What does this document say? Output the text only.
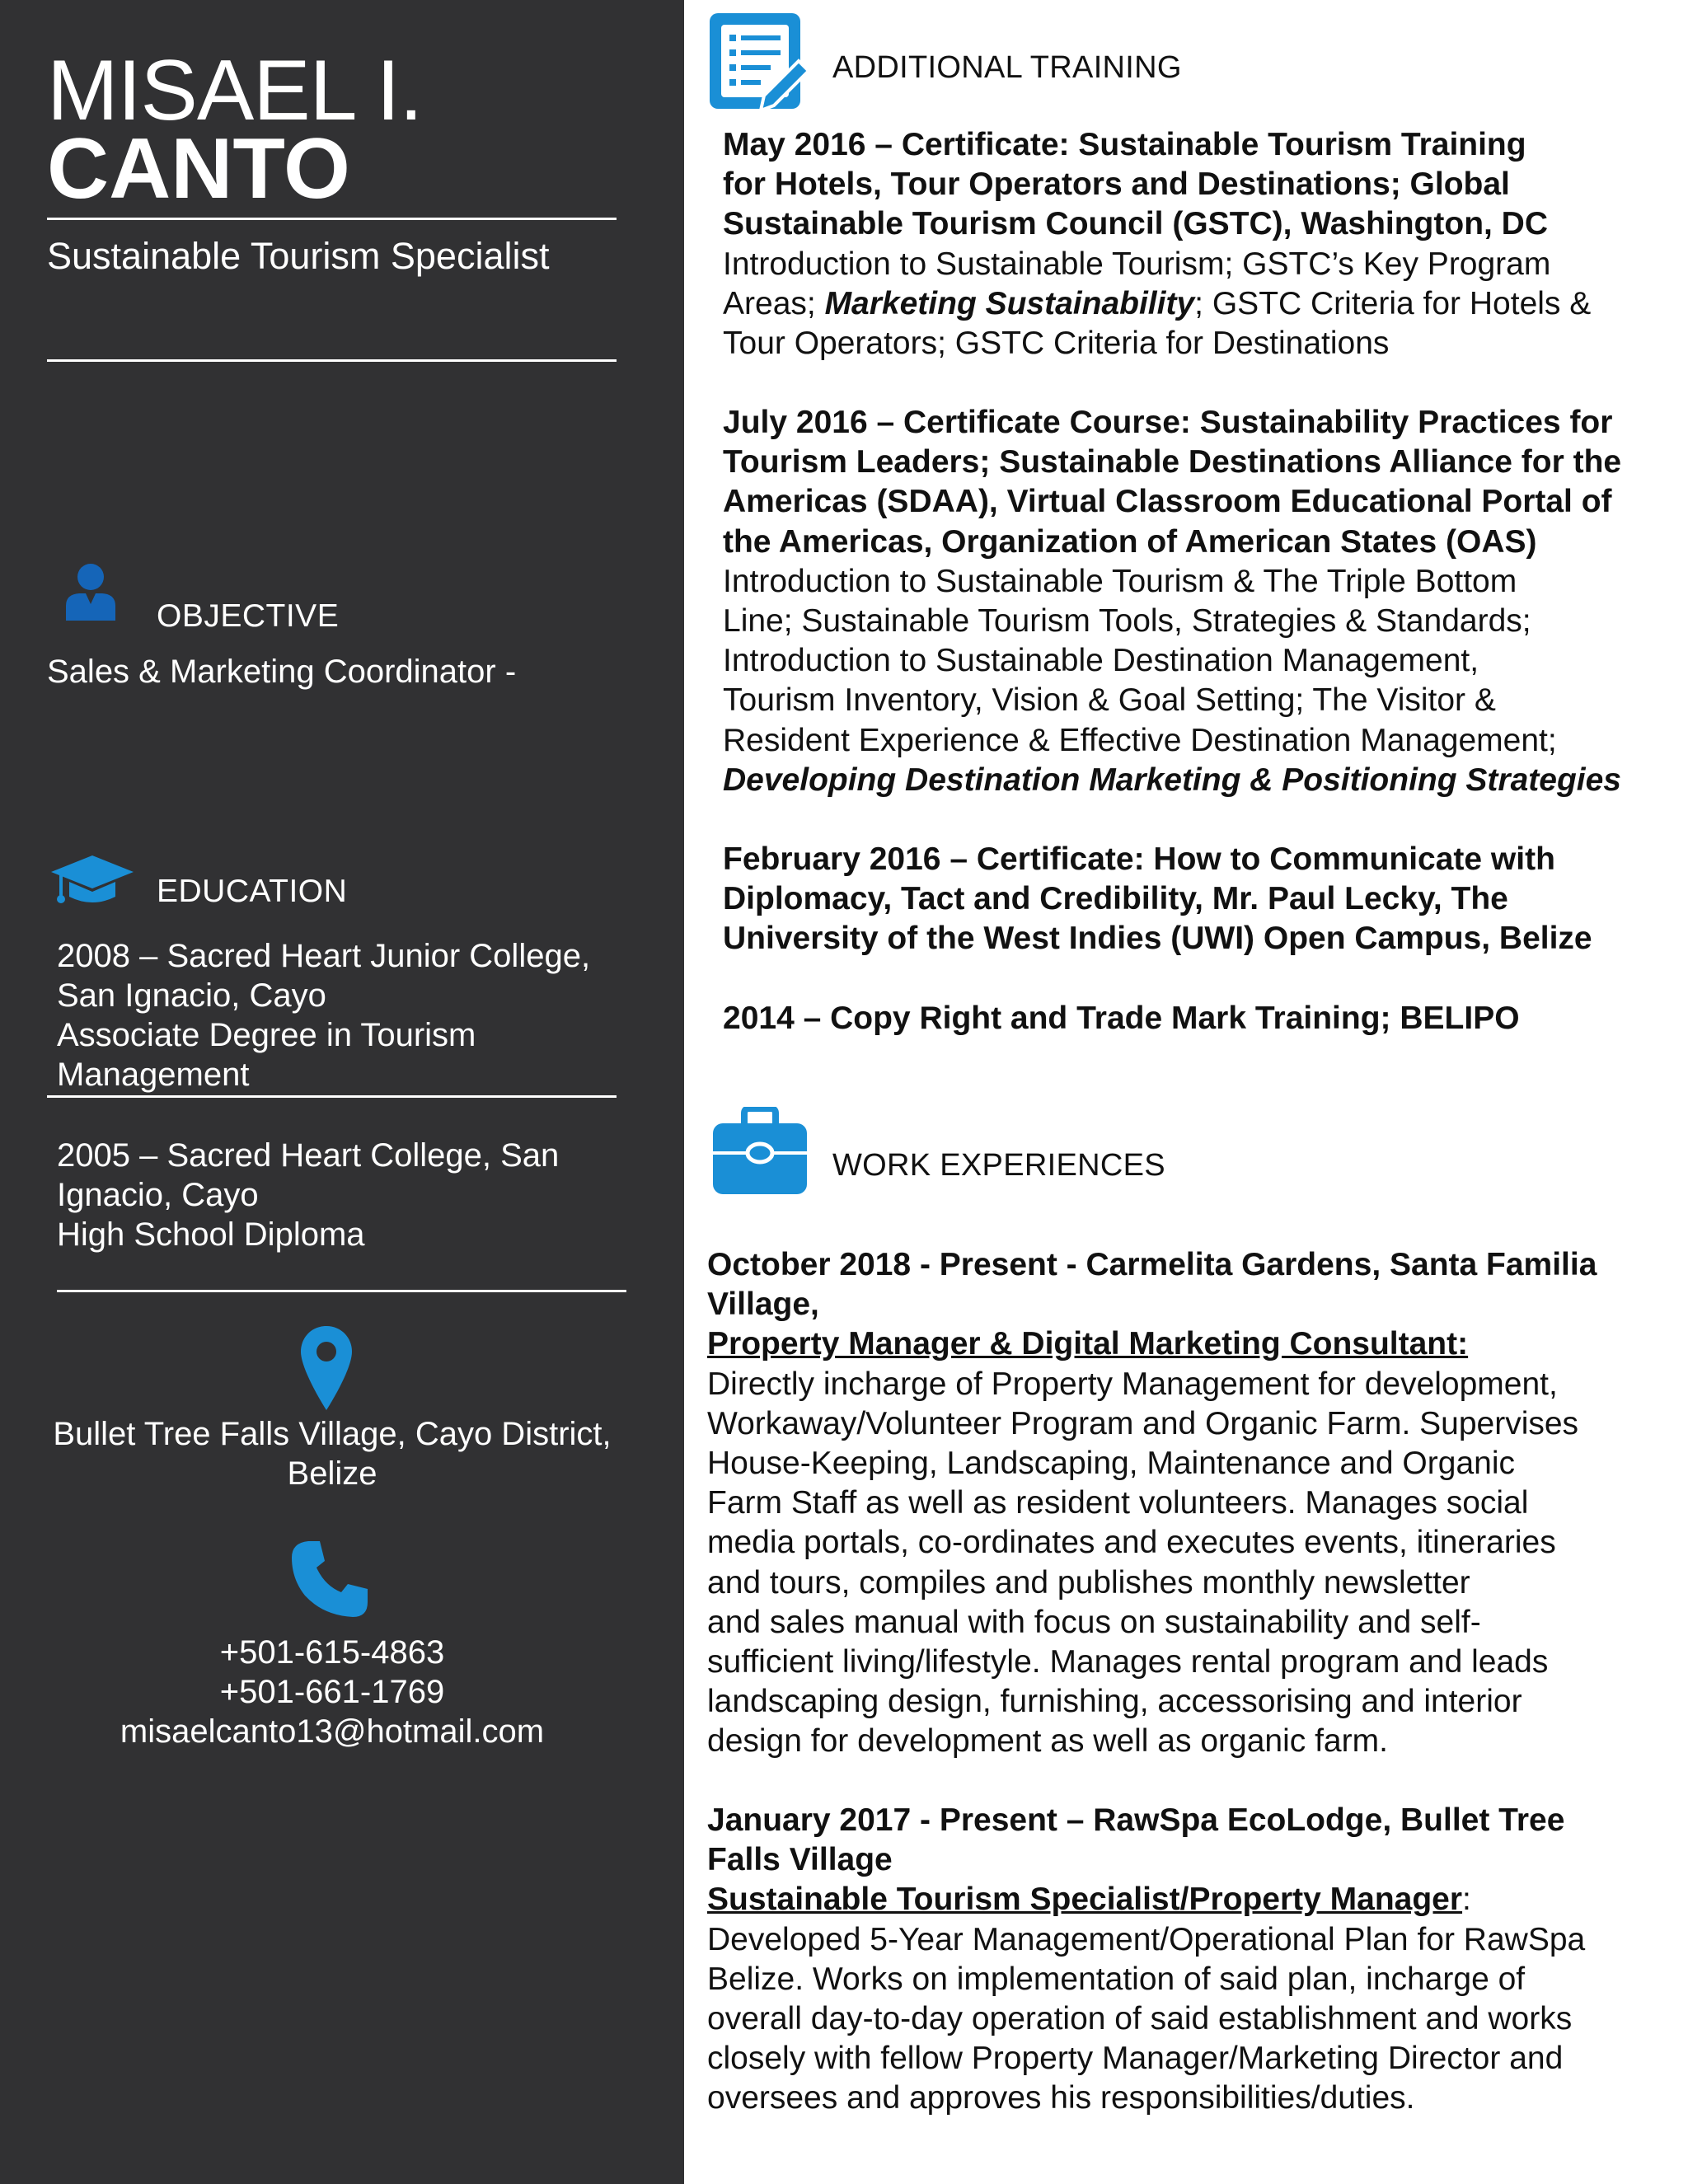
MISAEL I.
CANTO
Sustainable Tourism Specialist
OBJECTIVE
Sales & Marketing Coordinator -
EDUCATION
2008 – Sacred Heart Junior College,
San Ignacio, Cayo
Associate Degree in Tourism
Management
2005 – Sacred Heart College, San
Ignacio, Cayo
High School Diploma
Bullet Tree Falls Village, Cayo District,
Belize
+501-615-4863
+501-661-1769
misaelcanto13@hotmail.com
ADDITIONAL TRAINING

May 2016 – Certificate: Sustainable Tourism Training

for Hotels, Tour Operators and Destinations; Global

Sustainable Tourism Council (GSTC), Washington, DC

Introduction to Sustainable Tourism; GSTC’s Key Program

Areas; Marketing Sustainability; GSTC Criteria for Hotels &

Tour Operators; GSTC Criteria for Destinations

July 2016 – Certificate Course: Sustainability Practices for

Tourism Leaders; Sustainable Destinations Alliance for the

Americas (SDAA), Virtual Classroom Educational Portal of

the Americas, Organization of American States (OAS)

Introduction to Sustainable Tourism & The Triple Bottom

Line; Sustainable Tourism Tools, Strategies & Standards;

Introduction to Sustainable Destination Management,

Tourism Inventory, Vision & Goal Setting; The Visitor &

Resident Experience & Effective Destination Management;

Developing Destination Marketing & Positioning Strategies

February 2016 – Certificate: How to Communicate with

Diplomacy, Tact and Credibility, Mr. Paul Lecky, The

University of the West Indies (UWI) Open Campus, Belize

2014 – Copy Right and Trade Mark Training; BELIPO

WORK EXPERIENCES

October 2018 - Present - Carmelita Gardens, Santa Familia

Village,

Property Manager & Digital Marketing Consultant:

Directly incharge of Property Management for development,

Workaway/Volunteer Program and Organic Farm. Supervises

House-Keeping, Landscaping, Maintenance and Organic

Farm Staff as well as resident volunteers. Manages social

media portals, co-ordinates and executes events, itineraries

and tours, compiles and publishes monthly newsletter

and sales manual with focus on sustainability and self-

sufficient living/lifestyle. Manages rental program and leads

landscaping design, furnishing, accessorising and interior

design for development as well as organic farm.

January 2017 - Present – RawSpa EcoLodge, Bullet Tree

Falls Village

Sustainable Tourism Specialist/Property Manager:

Developed 5-Year Management/Operational Plan for RawSpa

Belize. Works on implementation of said plan, incharge of

overall day-to-day operation of said establishment and works

closely with fellow Property Manager/Marketing Director and

oversees and approves his responsibilities/duties.
